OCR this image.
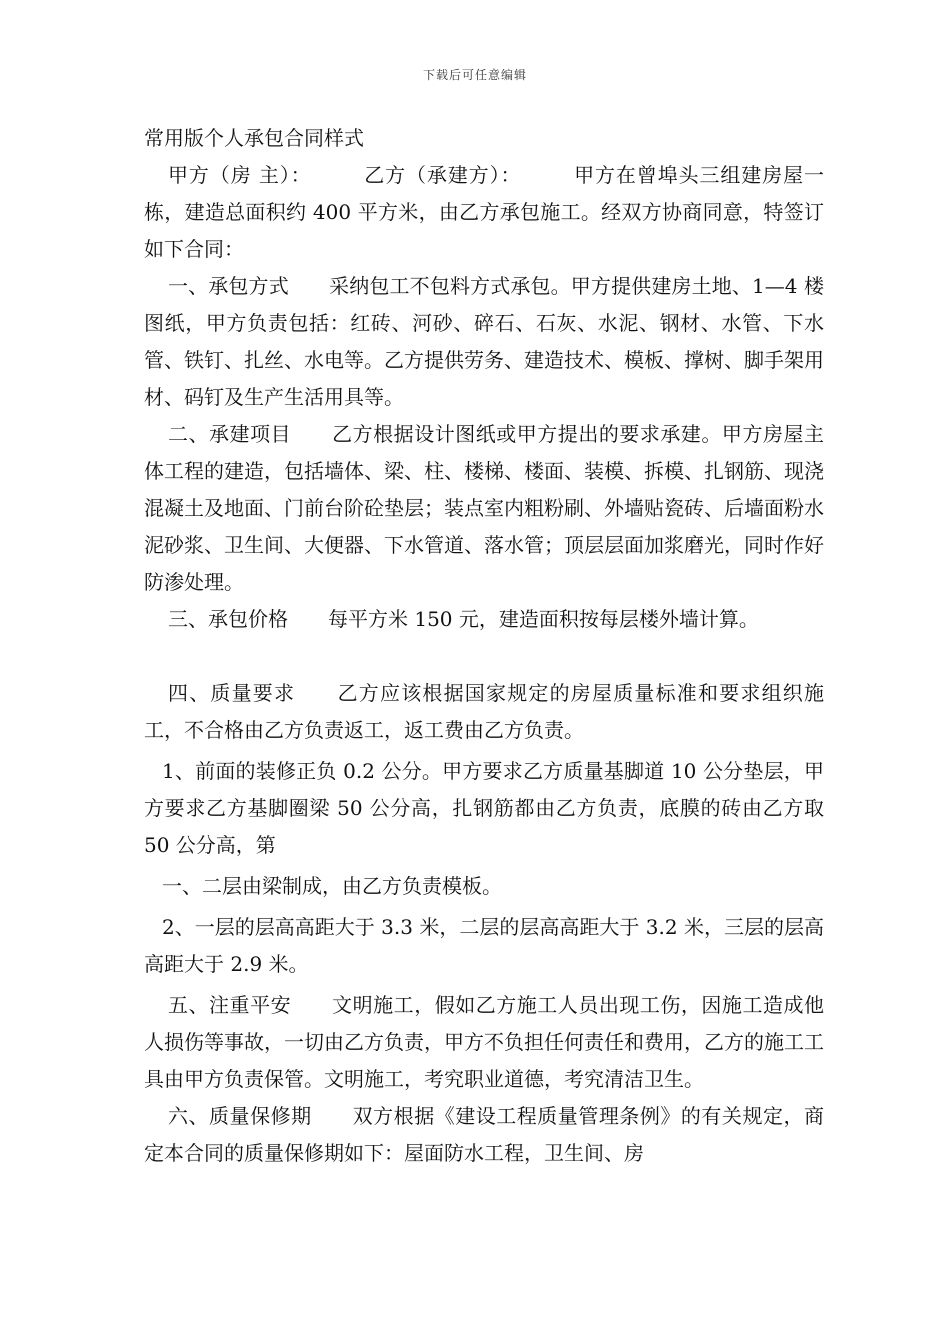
下载后可任意编辑

常用版个人承包合同样式

甲方（房 主）：　　　乙方（承建方）：　　　甲方在曾埠头三组建房屋一栋，建造总面积约 400 平方米，由乙方承包施工。经双方协商同意，特签订如下合同：

一、承包方式　　采纳包工不包料方式承包。甲方提供建房土地、1—4 楼图纸，甲方负责包括：红砖、河砂、碎石、石灰、水泥、钢材、水管、下水管、铁钉、扎丝、水电等。乙方提供劳务、建造技术、模板、撑树、脚手架用材、码钉及生产生活用具等。

二、承建项目　　乙方根据设计图纸或甲方提出的要求承建。甲方房屋主体工程的建造，包括墙体、梁、柱、楼梯、楼面、装模、拆模、扎钢筋、现浇混凝土及地面、门前台阶砼垫层；装点室内粗粉刷、外墙贴瓷砖、后墙面粉水泥砂浆、卫生间、大便器、下水管道、落水管；顶层层面加浆磨光，同时作好防渗处理。

三、承包价格　　每平方米 150 元，建造面积按每层楼外墙计算。

四、质量要求　　乙方应该根据国家规定的房屋质量标准和要求组织施工，不合格由乙方负责返工，返工费由乙方负责。

1、前面的装修正负 0.2 公分。甲方要求乙方质量基脚道 10 公分垫层，甲方要求乙方基脚圈梁 50 公分高，扎钢筋都由乙方负责，底膜的砖由乙方取 50 公分高，第

一、二层由梁制成，由乙方负责模板。

2、一层的层高高距大于 3.3 米，二层的层高高距大于 3.2 米，三层的层高高距大于 2.9 米。

五、注重平安　　文明施工，假如乙方施工人员出现工伤，因施工造成他人损伤等事故，一切由乙方负责，甲方不负担任何责任和费用，乙方的施工工具由甲方负责保管。文明施工，考究职业道德，考究清洁卫生。

六、质量保修期　　双方根据《建设工程质量管理条例》的有关规定，商定本合同的质量保修期如下：屋面防水工程，卫生间、房
